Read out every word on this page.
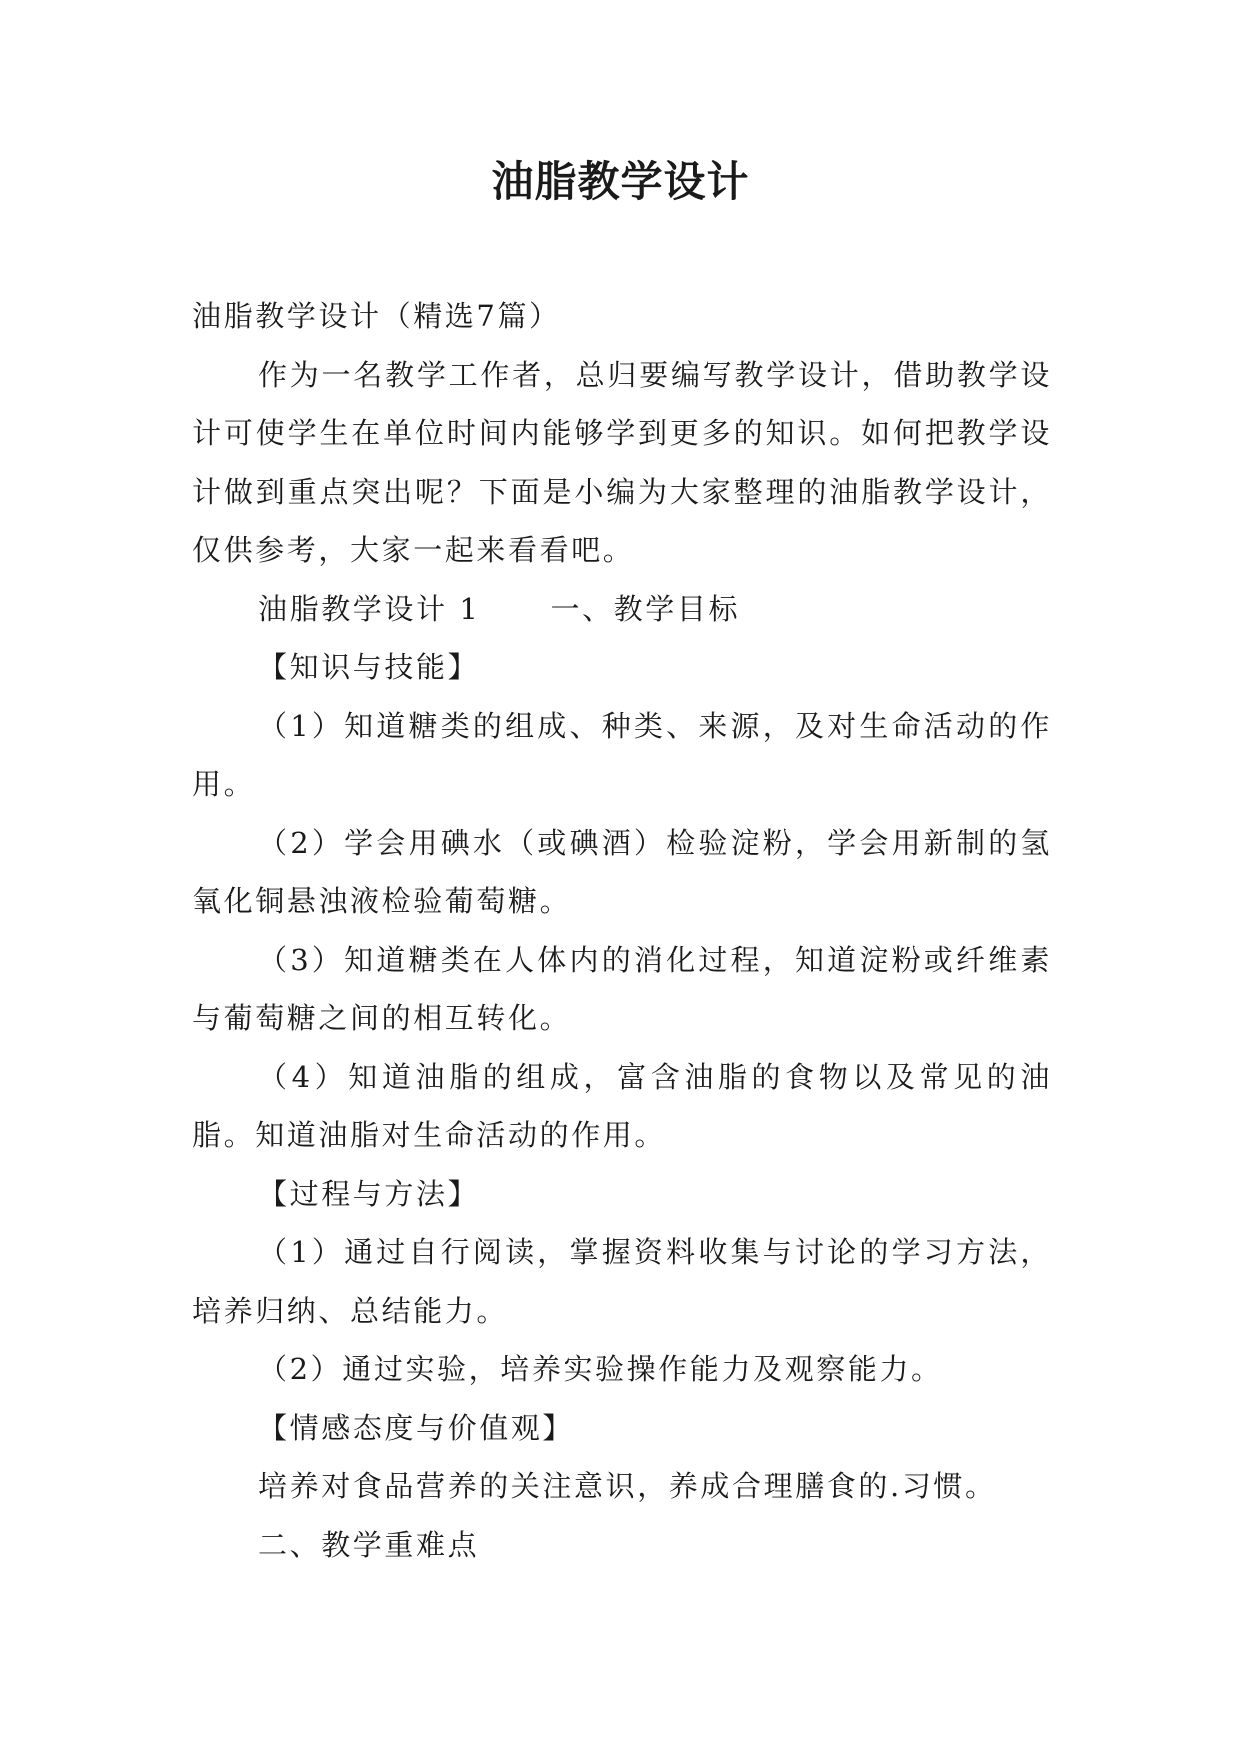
油脂教学设计

油脂教学设计（精选7篇）

作为一名教学工作者，总归要编写教学设计，借助教学设计可使学生在单位时间内能够学到更多的知识。如何把教学设计做到重点突出呢？下面是小编为大家整理的油脂教学设计，仅供参考，大家一起来看看吧。

油脂教学设计 1 一、教学目标

【知识与技能】

（1）知道糖类的组成、种类、来源，及对生命活动的作用。

（2）学会用碘水（或碘酒）检验淀粉，学会用新制的氢氧化铜悬浊液检验葡萄糖。

（3）知道糖类在人体内的消化过程，知道淀粉或纤维素与葡萄糖之间的相互转化。

（4）知道油脂的组成，富含油脂的食物以及常见的油脂。知道油脂对生命活动的作用。

【过程与方法】

（1）通过自行阅读，掌握资料收集与讨论的学习方法，培养归纳、总结能力。

（2）通过实验，培养实验操作能力及观察能力。

【情感态度与价值观】

培养对食品营养的关注意识，养成合理膳食的.习惯。

二、教学重难点
